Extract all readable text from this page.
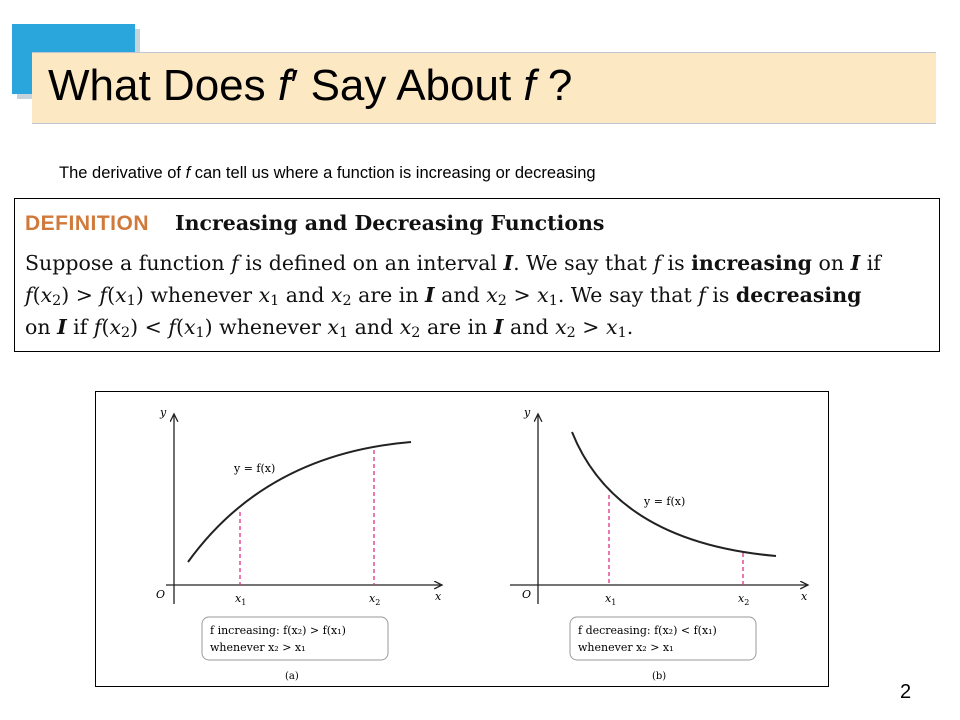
What Does f′ Say About f ?
The derivative of f can tell us where a function is increasing or decreasing
DEFINITION Increasing and Decreasing Functions
Suppose a function f is defined on an interval I. We say that f is increasing on I if
$f(x_2) > f(x_1)$ whenever $x_1$ and $x_2$ are in I and $x_2 > x_1$. We say that f is decreasing
on I if $f(x_2) < f(x_1)$ whenever $x_1$ and $x_2$ are in I and $x_2 > x_1$.
y
x
O
y = f(x)
$x_1$	$x_2$
f increasing: f(x₂) > f(x₁)
whenever x₂ > x₁
(a)
y
x
O
y = f(x)
$x_1$	$x_2$
f decreasing: f(x₂) < f(x₁)
whenever x₂ > x₁
(b)
2
